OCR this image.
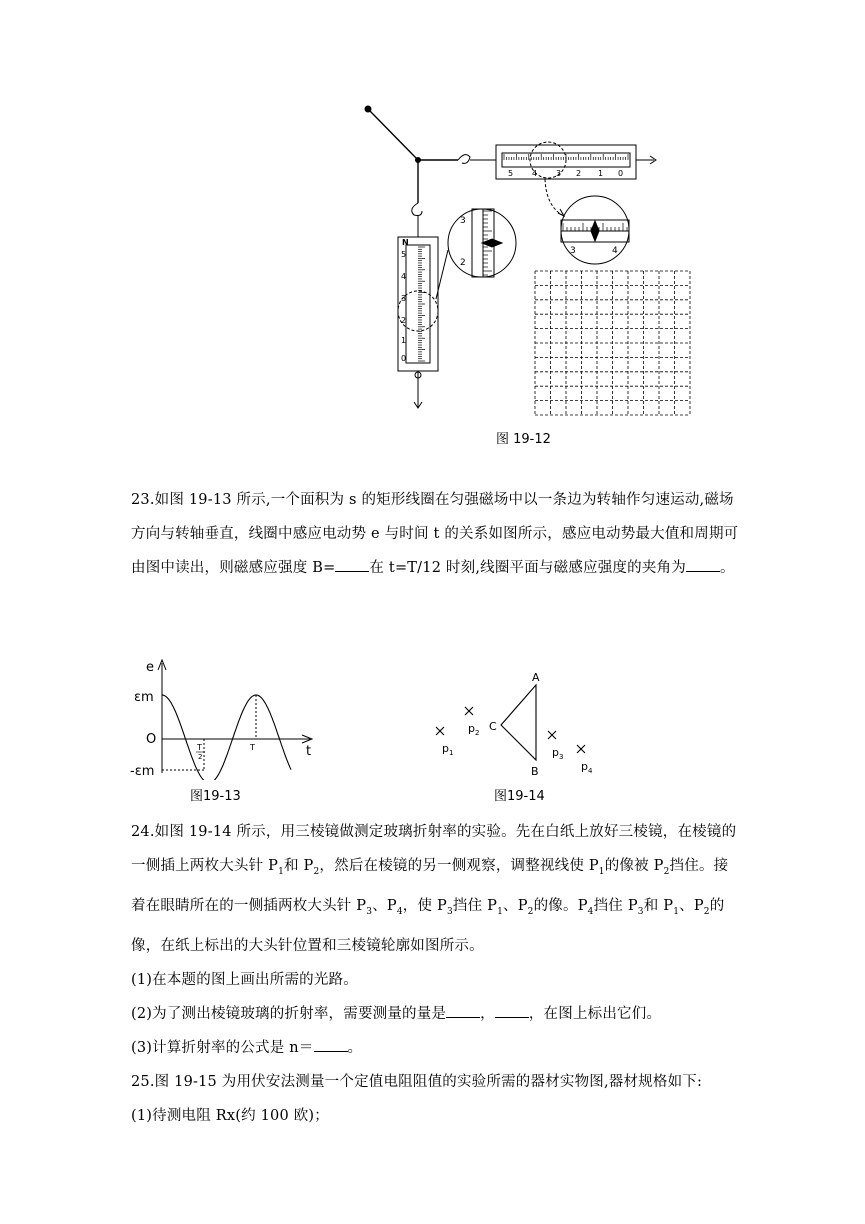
5 4 3 2 1 0
N
5
4
3
2
1
0
3	4
3
2
图 19-12
23.如图 19-13 所示,一个面积为 s 的矩形线圈在匀强磁场中以一条边为转轴作匀速运动,磁场方向与转轴垂直，线圈中感应电动势 e 与时间 t 的关系如图所示，感应电动势最大值和周期可由图中读出，则磁感应强度 B= 在 t=T/12 时刻,线圈平面与磁感应强度的夹角为 。
e
t
O
εm
-εm
T
2
T
图19-13
A
B
C
$p_1$
$p_2$
$p_3$
$p_4$
图19-14
24.如图 19-14 所示，用三棱镜做测定玻璃折射率的实验。先在白纸上放好三棱镜，在棱镜的一侧插上两枚大头针 $P_1$和 $P_2$，然后在棱镜的另一侧观察，调整视线使 $P_1$的像被 $P_2$挡住。接着在眼睛所在的一侧插两枚大头针 $P_3$、$P_4$，使 $P_3$挡住 $P_1$、$P_2$的像。$P_4$挡住 $P_3$和 $P_1$、$P_2$的像，在纸上标出的大头针位置和三棱镜轮廓如图所示。
(1)在本题的图上画出所需的光路。
(2)为了测出棱镜玻璃的折射率，需要测量的量是 ， ，在图上标出它们。
(3)计算折射率的公式是 n＝ 。
25.图 19-15 为用伏安法测量一个定值电阻阻值的实验所需的器材实物图,器材规格如下:
(1)待测电阻 Rx(约 100 欧)；
